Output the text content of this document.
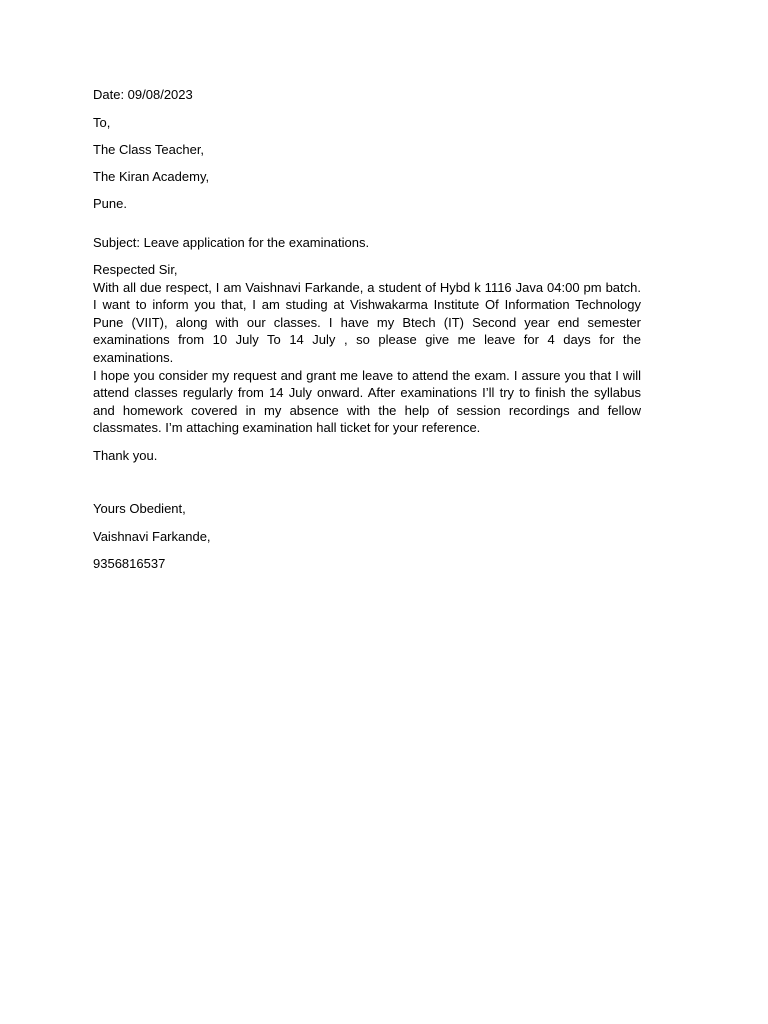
Date: 09/08/2023

To,

The Class Teacher,

The Kiran Academy,

Pune.

Subject: Leave application for the examinations.

Respected Sir,

With all due respect, I am Vaishnavi Farkande, a student of Hybd k 1116 Java 04:00 pm batch. I want to inform you that, I am studing at Vishwakarma Institute Of Information Technology Pune (VIIT), along with our classes. I have my Btech (IT) Second year end semester examinations from 10 July To 14 July , so please give me leave for 4 days for the examinations.

I hope you consider my request and grant me leave to attend the exam. I assure you that I will attend classes regularly from 14 July onward. After examinations I’ll try to finish the syllabus and homework covered in my absence with the help of session recordings and fellow classmates. I’m attaching examination hall ticket for your reference.

Thank you.

Yours Obedient,

Vaishnavi Farkande,

9356816537
